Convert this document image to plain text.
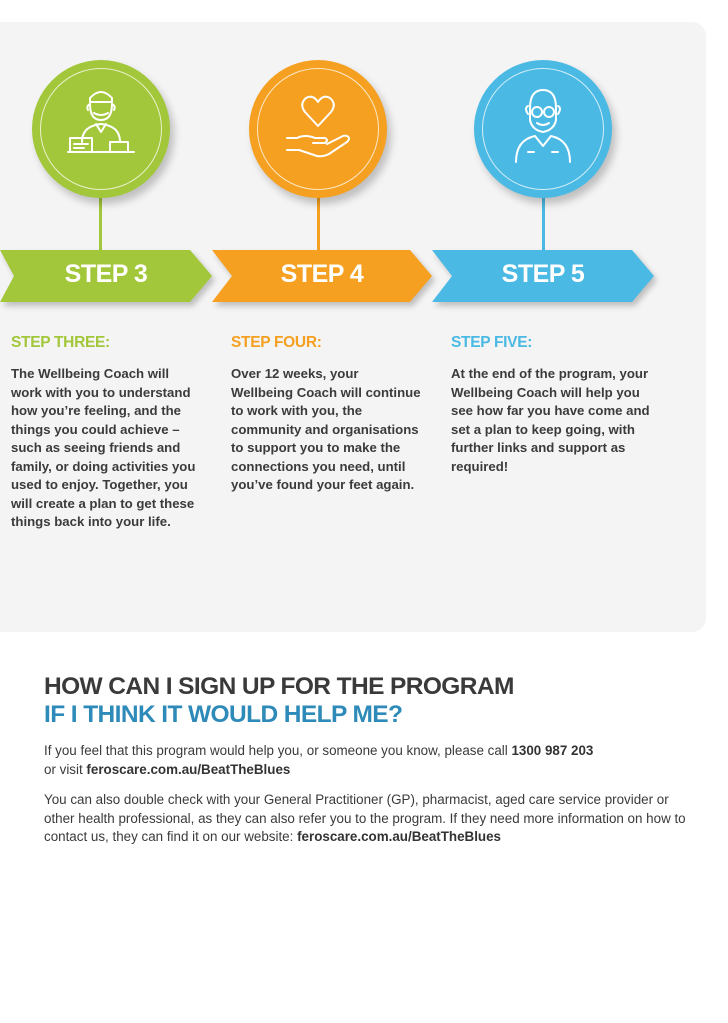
STEP 3
STEP THREE:

The Wellbeing Coach will work with you to understand how you’re feeling, and the things you could achieve – such as seeing friends and family, or doing activities you used to enjoy. Together, you will create a plan to get these things back into your life.

STEP 4
STEP FOUR:

Over 12 weeks, your Wellbeing Coach will continue to work with you, the community and organisations to support you to make the connections you need, until you’ve found your feet again.

STEP 5
STEP FIVE:

At the end of the program, your Wellbeing Coach will help you see how far you have come and set a plan to keep going, with further links and support as required!

HOW CAN I SIGN UP FOR THE PROGRAM
IF I THINK IT WOULD HELP ME?
If you feel that this program would help you, or someone you know, please call 1300 987 203
or visit feroscare.com.au/BeatTheBlues
You can also double check with your General Practitioner (GP), pharmacist, aged care service provider or other health professional, as they can also refer you to the program. If they need more information on how to contact us, they can find it on our website: feroscare.com.au/BeatTheBlues
